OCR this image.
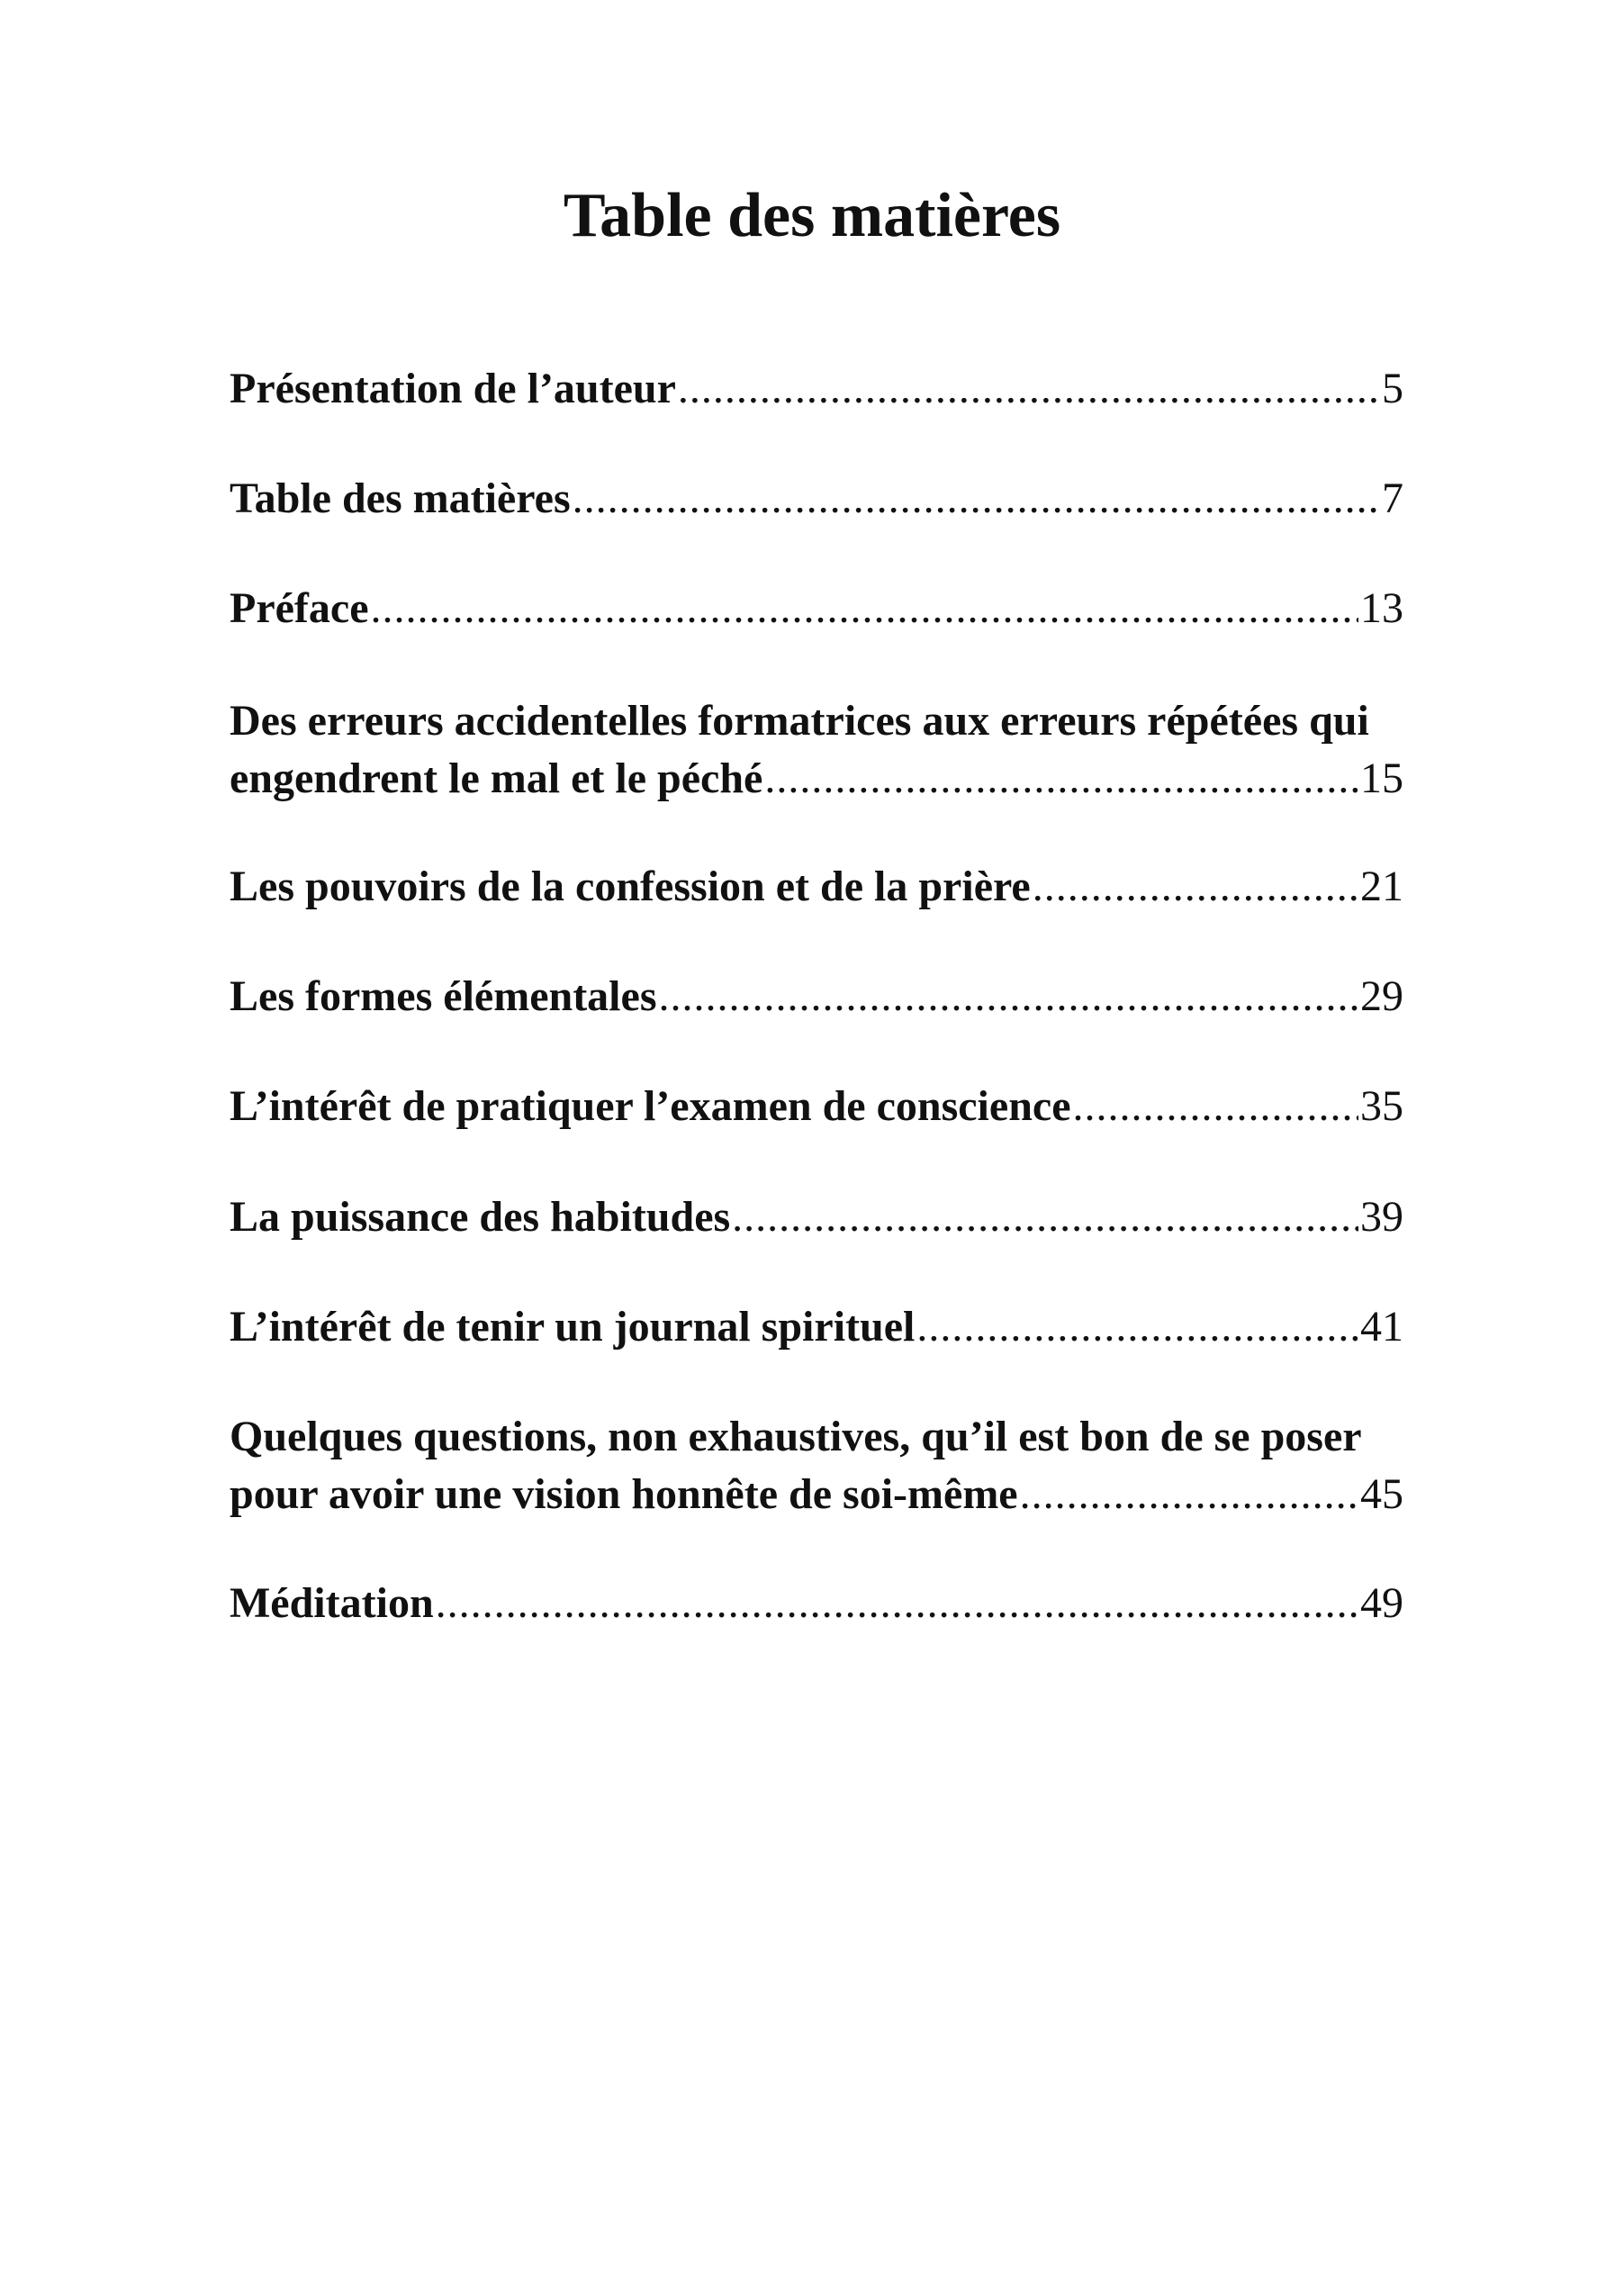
Table des matières
Présentation de l’auteur .....	5
Table des matières .....	7
Préface .....	13
Des erreurs accidentelles formatrices aux erreurs répétées qui
engendrent le mal et le péché .....	15
Les pouvoirs de la confession et de la prière .....	21
Les formes élémentales .....	29
L’intérêt de pratiquer l’examen de conscience .....	35
La puissance des habitudes .....	39
L’intérêt de tenir un journal spirituel .....	41
Quelques questions, non exhaustives, qu’il est bon de se poser
pour avoir une vision honnête de soi-même .....	45
Méditation .....	49
